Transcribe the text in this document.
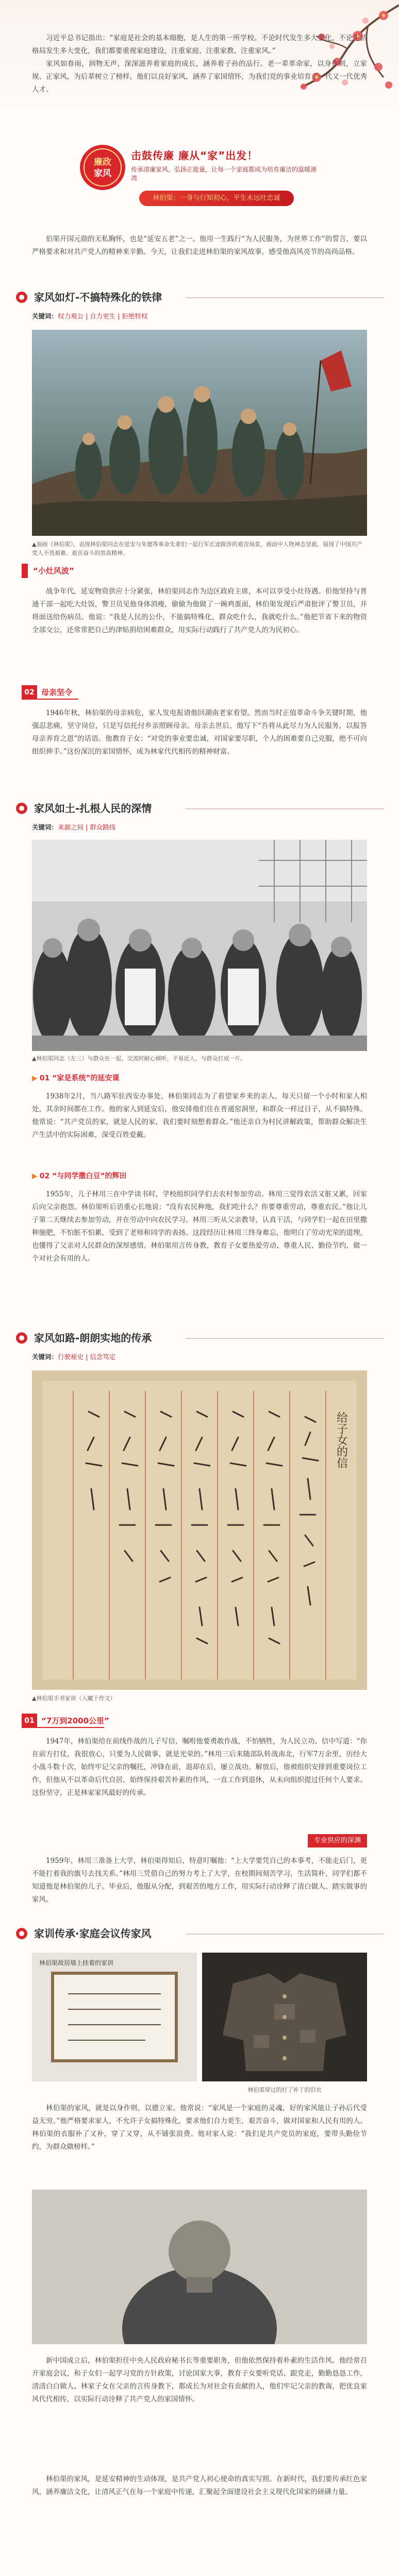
习近平总书记指出：“家庭是社会的基本细胞，是人生的第一所学校。不论时代发生多大变化，不论生活格局发生多大变化，我们都要重视家庭建设，注重家庭、注重家教、注重家风。”

家风如春雨，润物无声，深深滋养着家庭的成长，涵养着子孙的品行。老一辈革命家，以身作则，立家规、正家风，为后辈树立了榜样，他们以良好家风，涵养了家国情怀，为我们党的事业培育了一代又一代优秀人才。

廉政
家风
击鼓传廉 廉从“家”出发！
传承清廉家风，弘扬正能量，让每一个家庭都成为培育廉洁的温暖港湾
林伯渠：一身与行知初心，平生永远吐忠诚

伯渠开国元勋的无私胸怀，也是“延安五老”之一。他用一生践行“为人民服务，为世界工作”的誓言，要以严格要求和对共产党人的精神来辛勤。今天，让我们走进林伯渠的家风故事，感受他高风亮节的高尚品格。

家风如灯-不搞特殊化的铁律
关键词：权力观公 | 自力更生 | 拒绝特权
▲油画《林伯渠》，表现林伯渠同志在延安与朱德等革命先辈们一起行军长途跋涉的艰苦场景，画面中人物神态坚毅，展现了中国共产党人不畏艰难、艰苦奋斗的崇高精神。
“小灶风波”

战争年代，延安物资供应十分紧张，林伯渠同志作为边区政府主席，本可以享受小灶待遇。但他坚持与普通干部一起吃大灶饭，警卫员见他身体消瘦，偷偷为他做了一碗鸡蛋面，林伯渠发现后严肃批评了警卫员，并将面送给伤病员。他说：“我是人民的公仆，不能搞特殊化，群众吃什么，我就吃什么。”他把节省下来的物资全部交公，还常常把自己的津贴捐给困难群众，用实际行动践行了共产党人的为民初心。

02 母亲坚令

1946年秋，林伯渠的母亲病危，家人发电报请他回湖南老家看望。然而当时正值革命斗争关键时期，他强忍悲痛，坚守岗位，只是写信托付乡亲照顾母亲。母亲去世后，他写下“吾将从此尽力为人民服务，以报答母亲养育之恩”的话语。他教育子女：“对党的事业要忠诚，对国家要尽职，个人的困难要自己克服，绝不可向组织伸手。”这份深沉的家国情怀，成为林家代代相传的精神财富。

家风如土-扎根人民的深情
关键词：来源之间 | 群众路线
▲林伯渠同志（左三）与群众在一起，交流时耐心倾听，平易近人，与群众打成一片。
▶ 01 “家是系统”的延安课

1938年2月，当八路军驻西安办事处，林伯渠同志为了看望家乡来的亲人，每天只留一个小时和家人相处，其余时间都在工作。他的家人到延安后，他安排他们住在普通窑洞里，和群众一样过日子，从不搞特殊。他常说：“共产党员的家，就是人民的家，我们要时刻想着群众。”他还亲自为村民讲解政策，帮助群众解决生产生活中的实际困难，深受百姓爱戴。

▶ 02 “与同学撒白豆”的辉田

1955年，儿子林用三在中学读书时，学校组织同学们去农村参加劳动。林用三觉得农活又脏又累，回家后向父亲抱怨。林伯渠听后语重心长地说：“没有农民种地，我们吃什么？你要尊重劳动，尊重农民。”他让儿子第二天继续去参加劳动，并在劳动中向农民学习。林用三听从父亲教导，认真干活，与同学们一起在田里撒种施肥，不怕脏不怕累，受到了老师和同学的表扬。这段经历让林用三终身难忘，他明白了劳动光荣的道理，也懂得了父亲对人民群众的深厚感情。林伯渠用言传身教，教育子女要热爱劳动、尊重人民、勤俭节约，做一个对社会有用的人。

家风如路-朗朗实地的传承
关键词：行驶秘史 | 信念笃定
给子女的信
▲林伯渠手书家训（入藏于作文）
01 “7万到2000公里”

1947年，林伯渠给在前线作战的儿子写信，嘱咐他要勇敢作战，不怕牺牲，为人民立功。信中写道：“你在前方打仗，我很放心，只要为人民做事，就是光荣的。”林用三后来随部队转战南北，行军7万余里，历经大小战斗数十次，始终牢记父亲的嘱托，冲锋在前，退却在后，屡立战功。解放后，他被组织安排到重要岗位工作，但他从不以革命后代自居，始终保持艰苦朴素的作风，一直工作到退休，从未向组织提过任何个人要求。这份坚守，正是林家家风最好的传承。

专业供应的深渊

1959年，林用三准备上大学，林伯渠得知后，特意叮嘱他：“上大学要凭自己的本事考，不能走后门，更不能打着我的旗号去找关系。”林用三凭借自己的努力考上了大学，在校期间刻苦学习，生活简朴，同学们都不知道他是林伯渠的儿子。毕业后，他服从分配，到艰苦的地方工作，用实际行动诠释了清白做人、踏实做事的家风。

家训传承·家庭会议传家风
林伯渠故居墙上挂着的家训
林伯渠穿过的打了补丁的旧衣

林伯渠的家风，就是以身作则，以德立家。他常说：“家风是一个家庭的灵魂，好的家风能让子孙后代受益无穷。”他严格要求家人，不允许子女搞特殊化，要求他们自力更生，艰苦奋斗，做对国家和人民有用的人。林伯渠的衣服补了又补，穿了又穿，从不铺张浪费。他对家人说：“我们是共产党员的家庭，要带头勤俭节约，为群众做榜样。”

新中国成立后，林伯渠担任中央人民政府秘书长等重要职务，但他依然保持着朴素的生活作风。他经常召开家庭会议，和子女们一起学习党的方针政策，讨论国家大事，教育子女要听党话、跟党走，勤勤恳恳工作，清清白白做人。林家子女在父亲的言传身教下，都成长为对社会有贡献的人，他们牢记父亲的教诲，把优良家风代代相传，以实际行动诠释了共产党人的家国情怀。

林伯渠的家风，是延安精神的生动体现，是共产党人初心使命的真实写照。在新时代，我们要传承红色家风，涵养廉洁文化，让清风正气在每一个家庭中传递，汇聚起全面建设社会主义现代化国家的磅礴力量。
